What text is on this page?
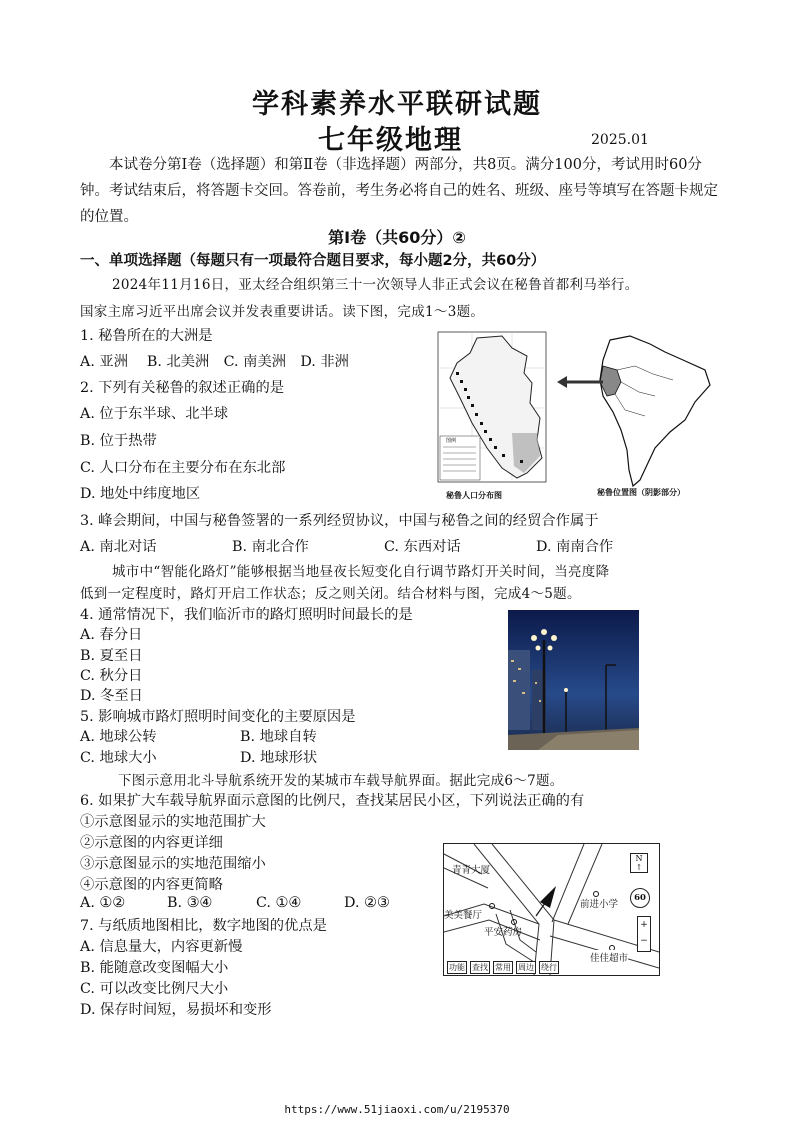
学科素养水平联研试题
七年级地理	2025.01
本试卷分第Ⅰ卷（选择题）和第Ⅱ卷（非选择题）两部分，共8页。满分100分，考试用时60分钟。考试结束后，将答题卡交回。答卷前，考生务必将自己的姓名、班级、座号等填写在答题卡规定的位置。
第Ⅰ卷（共60分）②
一、单项选择题（每题只有一项最符合题目要求，每小题2分，共60分）
2024年11月16日，亚太经合组织第三十一次领导人非正式会议在秘鲁首都利马举行。
国家主席习近平出席会议并发表重要讲话。读下图，完成1～3题。
1. 秘鲁所在的大洲是
A. 亚洲　 B. 北美洲　C. 南美洲　D. 非洲
2. 下列有关秘鲁的叙述正确的是
A. 位于东半球、北半球
B. 位于热带
C. 人口分布在主要分布在东北部
D. 地处中纬度地区
图例
秘鲁人口分布图	秘鲁位置图（阴影部分）
3. 峰会期间，中国与秘鲁签署的一系列经贸协议，中国与秘鲁之间的经贸合作属于
A. 南北对话	B. 南北合作	C. 东西对话	D. 南南合作
城市中“智能化路灯”能够根据当地昼夜长短变化自行调节路灯开关时间，当亮度降
低到一定程度时，路灯开启工作状态；反之则关闭。结合材料与图，完成4～5题。
4. 通常情况下，我们临沂市的路灯照明时间最长的是
A. 春分日
B. 夏至日
C. 秋分日
D. 冬至日
5. 影响城市路灯照明时间变化的主要原因是
A. 地球公转	B. 地球自转
C. 地球大小	D. 地球形状
下图示意用北斗导航系统开发的某城市车载导航界面。据此完成6～7题。
6. 如果扩大车载导航界面示意图的比例尺，查找某居民小区，下列说法正确的有
①示意图显示的实地范围扩大
②示意图的内容更详细
③示意图显示的实地范围缩小
④示意图的内容更简略
A. ①②	B. ③④	C. ①④	D. ②③
青青大厦
美美餐厅
平安药房
前进小学
佳佳超市
N
↑
60
+
−
功能 查找 常用 周边 绕行
7. 与纸质地图相比，数字地图的优点是
A. 信息量大，内容更新慢
B. 能随意改变图幅大小
C. 可以改变比例尺大小
D. 保存时间短，易损坏和变形
https://www.51jiaoxi.com/u/2195370
